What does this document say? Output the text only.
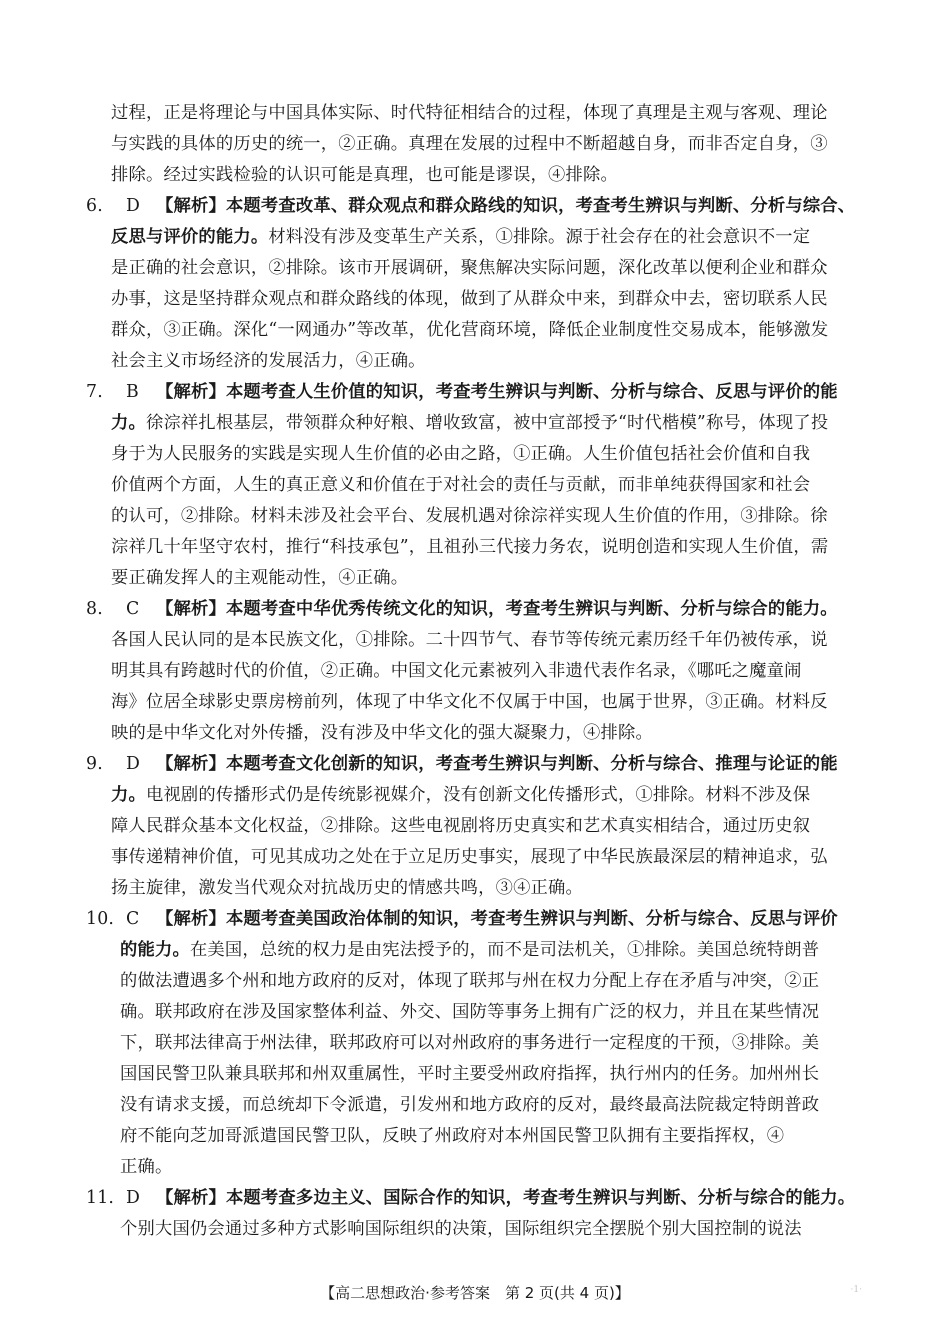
过程，正是将理论与中国具体实际、时代特征相结合的过程，体现了真理是主观与客观、理论
与实践的具体的历史的统一，②正确。真理在发展的过程中不断超越自身，而非否定自身，③
排除。经过实践检验的认识可能是真理，也可能是谬误，④排除。
6. D 【解析】本题考查改革、群众观点和群众路线的知识，考查考生辨识与判断、分析与综合、
反思与评价的能力。材料没有涉及变革生产关系，①排除。源于社会存在的社会意识不一定
是正确的社会意识，②排除。该市开展调研，聚焦解决实际问题，深化改革以便利企业和群众
办事，这是坚持群众观点和群众路线的体现，做到了从群众中来，到群众中去，密切联系人民
群众，③正确。深化“一网通办”等改革，优化营商环境，降低企业制度性交易成本，能够激发
社会主义市场经济的发展活力，④正确。
7. B 【解析】本题考查人生价值的知识，考查考生辨识与判断、分析与综合、反思与评价的能
力。徐淙祥扎根基层，带领群众种好粮、增收致富，被中宣部授予“时代楷模”称号，体现了投
身于为人民服务的实践是实现人生价值的必由之路，①正确。人生价值包括社会价值和自我
价值两个方面，人生的真正意义和价值在于对社会的责任与贡献，而非单纯获得国家和社会
的认可，②排除。材料未涉及社会平台、发展机遇对徐淙祥实现人生价值的作用，③排除。徐
淙祥几十年坚守农村，推行“科技承包”，且祖孙三代接力务农，说明创造和实现人生价值，需
要正确发挥人的主观能动性，④正确。
8. C 【解析】本题考查中华优秀传统文化的知识，考查考生辨识与判断、分析与综合的能力。
各国人民认同的是本民族文化，①排除。二十四节气、春节等传统元素历经千年仍被传承，说
明其具有跨越时代的价值，②正确。中国文化元素被列入非遗代表作名录，《哪吒之魔童闹
海》位居全球影史票房榜前列，体现了中华文化不仅属于中国，也属于世界，③正确。材料反
映的是中华文化对外传播，没有涉及中华文化的强大凝聚力，④排除。
9. D 【解析】本题考查文化创新的知识，考查考生辨识与判断、分析与综合、推理与论证的能
力。电视剧的传播形式仍是传统影视媒介，没有创新文化传播形式，①排除。材料不涉及保
障人民群众基本文化权益，②排除。这些电视剧将历史真实和艺术真实相结合，通过历史叙
事传递精神价值，可见其成功之处在于立足历史事实，展现了中华民族最深层的精神追求，弘
扬主旋律，激发当代观众对抗战历史的情感共鸣，③④正确。
10. C 【解析】本题考查美国政治体制的知识，考查考生辨识与判断、分析与综合、反思与评价
的能力。在美国，总统的权力是由宪法授予的，而不是司法机关，①排除。美国总统特朗普
的做法遭遇多个州和地方政府的反对，体现了联邦与州在权力分配上存在矛盾与冲突，②正
确。联邦政府在涉及国家整体利益、外交、国防等事务上拥有广泛的权力，并且在某些情况
下，联邦法律高于州法律，联邦政府可以对州政府的事务进行一定程度的干预，③排除。美
国国民警卫队兼具联邦和州双重属性，平时主要受州政府指挥，执行州内的任务。加州州长
没有请求支援，而总统却下令派遣，引发州和地方政府的反对，最终最高法院裁定特朗普政
府不能向芝加哥派遣国民警卫队，反映了州政府对本州国民警卫队拥有主要指挥权，④
正确。
11. D 【解析】本题考查多边主义、国际合作的知识，考查考生辨识与判断、分析与综合的能力。
个别大国仍会通过多种方式影响国际组织的决策，国际组织完全摆脱个别大国控制的说法
【高二思想政治·参考答案　第 2 页(共 4 页)】	·1·
